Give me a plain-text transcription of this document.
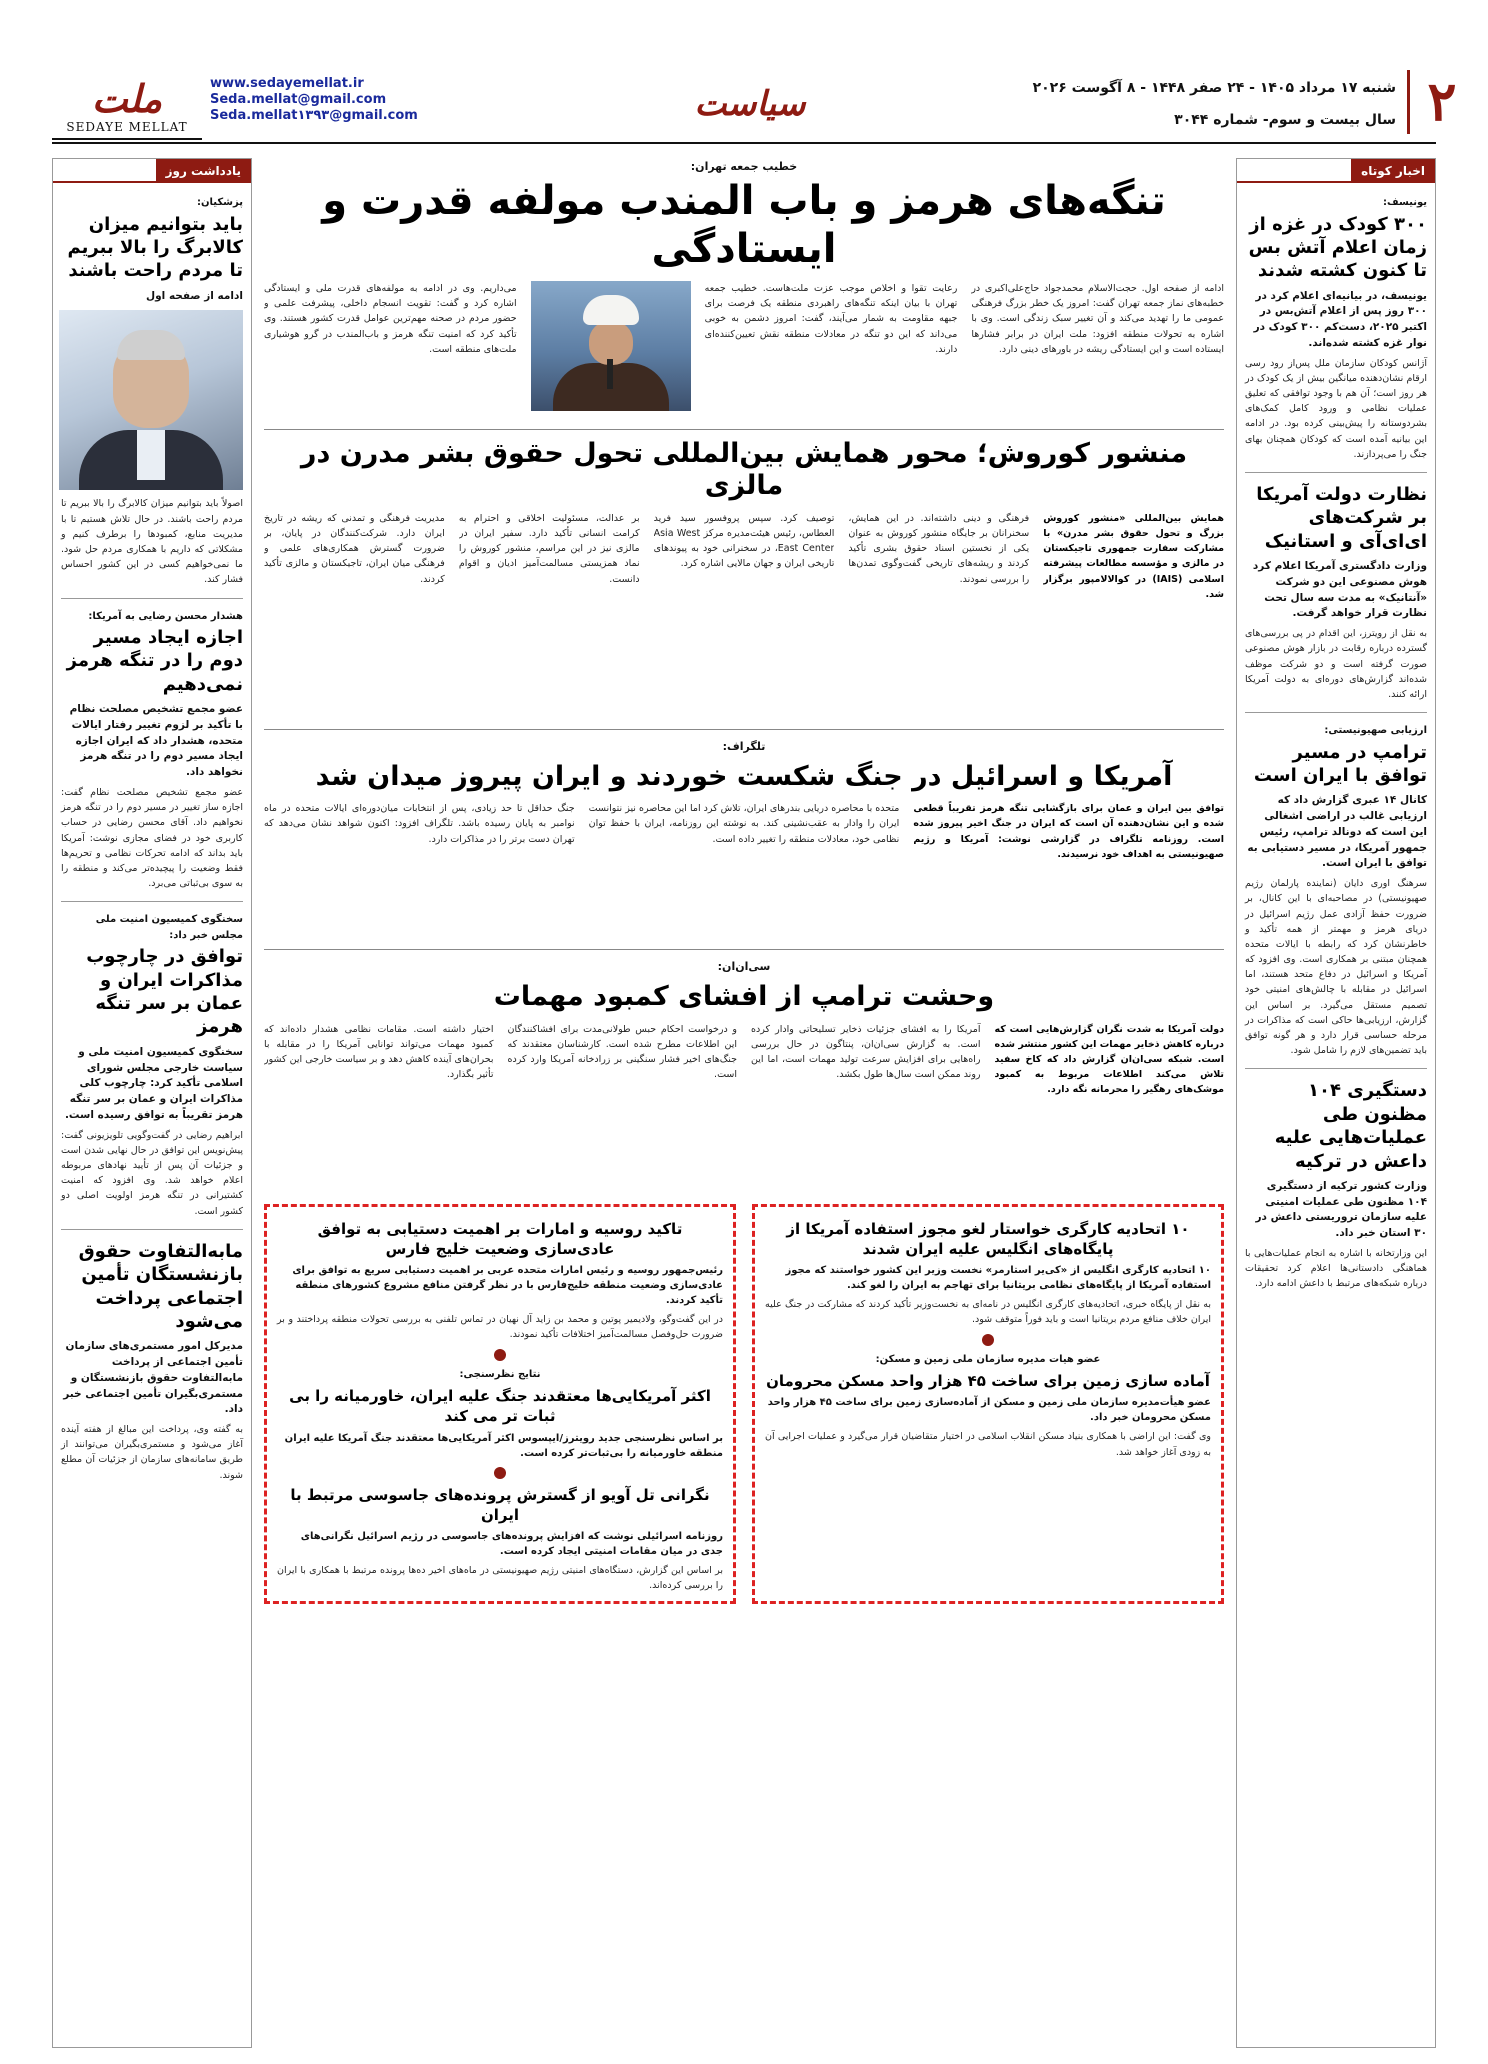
۲
شنبه ۱۷ مرداد ۱۴۰۵ - ۲۴ صفر ۱۴۴۸ - ۸ آگوست ۲۰۲۶
سال بیست و سوم- شماره ۳۰۴۴
سیاست
www.sedayemellat.ir
Seda.mellat@gmail.com
Seda.mellat۱۳۹۳@gmail.com
ملت
SEDAYE MELLAT
اخبار کوتاه
یونیسف:
۳۰۰ کودک در غزه از زمان اعلام آتش بس تا کنون کشته شدند
یونیسف، در بیانیه‌ای اعلام کرد در ۳۰۰ روز پس از اعلام آتش‌بس در اکتبر ۲۰۲۵، دست‌کم ۳۰۰ کودک در نوار غزه کشته شده‌اند.
آژانس کودکان سازمان ملل پس‌از رود رسی ارقام نشان‌دهنده میانگین بیش از یک کودک در هر روز است؛ آن هم با وجود توافقی که تعلیق عملیات نظامی و ورود کامل کمک‌های بشردوستانه را پیش‌بینی کرده بود. در ادامه این بیانیه آمده است که کودکان همچنان بهای جنگ را می‌پردازند.
نظارت دولت آمریکا بر شرکت‌های ای‌ای‌آی و استانیک
وزارت دادگستری آمریکا اعلام کرد هوش مصنوعی این دو شرکت «آنتانیک» به مدت سه سال تحت نظارت قرار خواهد گرفت.
به نقل از رویترز، این اقدام در پی بررسی‌های گسترده درباره رقابت در بازار هوش مصنوعی صورت گرفته است و دو شرکت موظف شده‌اند گزارش‌های دوره‌ای به دولت آمریکا ارائه کنند.
ارزیابی صهیونیستی:
ترامپ در مسیر توافق با ایران است
کانال ۱۴ عبری گزارش داد که ارزیابی غالب در اراضی اشغالی این است که دونالد ترامپ، رئیس جمهور آمریکا، در مسیر دستیابی به توافق با ایران است.
سرهنگ اوری دایان (نماینده پارلمان رژیم صهیونیستی) در مصاحبه‌ای با این کانال، بر ضرورت حفظ آزادی عمل رژیم اسرائیل در دریای هرمز و مهمتر از همه تأکید و خاطرنشان کرد که رابطه با ایالات متحده همچنان مبتنی بر همکاری است. وی افزود که آمریکا و اسرائیل در دفاع متحد هستند، اما اسرائیل در مقابله با چالش‌های امنیتی خود تصمیم مستقل می‌گیرد. بر اساس این گزارش، ارزیابی‌ها حاکی است که مذاکرات در مرحله حساسی قرار دارد و هر گونه توافق باید تضمین‌های لازم را شامل شود.
دستگیری ۱۰۴ مظنون طی عملیات‌هایی علیه داعش در ترکیه
وزارت کشور ترکیه از دستگیری ۱۰۴ مظنون طی عملیات امنیتی علیه سازمان تروریستی داعش در ۳۰ استان خبر داد.
این وزارتخانه با اشاره به انجام عملیات‌هایی با هماهنگی دادستانی‌ها اعلام کرد تحقیقات درباره شبکه‌های مرتبط با داعش ادامه دارد.
یادداشت روز
پزشکیان:
باید بتوانیم میزان کالابرگ را بالا ببریم تا مردم راحت باشند
ادامه از صفحه اول
اصولاً باید بتوانیم میزان کالابرگ را بالا ببریم تا مردم راحت باشند. در حال تلاش هستیم تا با مدیریت منابع، کمبودها را برطرف کنیم و مشکلاتی که داریم با همکاری مردم حل شود. ما نمی‌خواهیم کسی در این کشور احساس فشار کند.
هشدار محسن رضایی به آمریکا:
اجازه ایجاد مسیر دوم را در تنگه هرمز نمی‌دهیم
عضو مجمع تشخیص مصلحت نظام با تأکید بر لزوم تغییر رفتار ایالات متحده، هشدار داد که ایران اجازه ایجاد مسیر دوم را در تنگه هرمز نخواهد داد.
عضو مجمع تشخیص مصلحت نظام گفت: اجازه ساز تغییر در مسیر دوم را در تنگه هرمز نخواهیم داد. آقای محسن رضایی در حساب کاربری خود در فضای مجازی نوشت: آمریکا باید بداند که ادامه تحرکات نظامی و تحریم‌ها فقط وضعیت را پیچیده‌تر می‌کند و منطقه را به سوی بی‌ثباتی می‌برد.
سخنگوی کمیسیون امنیت ملی مجلس خبر داد:
توافق در چارچوب مذاکرات ایران و عمان بر سر تنگه هرمز
سخنگوی کمیسیون امنیت ملی و سیاست خارجی مجلس شورای اسلامی تأکید کرد: چارچوب کلی مذاکرات ایران و عمان بر سر تنگه هرمز تقریباً به توافق رسیده است.
ابراهیم رضایی در گفت‌وگویی تلویزیونی گفت: پیش‌نویس این توافق در حال نهایی شدن است و جزئیات آن پس از تأیید نهادهای مربوطه اعلام خواهد شد. وی افزود که امنیت کشتیرانی در تنگه هرمز اولویت اصلی دو کشور است.
مابه‌التفاوت حقوق بازنشستگان تأمین اجتماعی پرداخت می‌شود
مدیرکل امور مستمری‌های سازمان تأمین اجتماعی از پرداخت مابه‌التفاوت حقوق بازنشستگان و مستمری‌بگیران تأمین اجتماعی خبر داد.
به گفته وی، پرداخت این مبالغ از هفته آینده آغاز می‌شود و مستمری‌بگیران می‌توانند از طریق سامانه‌های سازمان از جزئیات آن مطلع شوند.
خطیب جمعه تهران:
تنگه‌های هرمز و باب المندب مولفه قدرت و ایستادگی
ادامه از صفحه اول. حجت‌الاسلام محمدجواد حاج‌علی‌اکبری در خطبه‌های نماز جمعه تهران گفت: امروز یک خطر بزرگ فرهنگی عمومی ما را تهدید می‌کند و آن تغییر سبک زندگی است. وی با اشاره به تحولات منطقه افزود: ملت ایران در برابر فشارها ایستاده است و این ایستادگی ریشه در باورهای دینی دارد.
رعایت تقوا و اخلاص موجب عزت ملت‌هاست. خطیب جمعه تهران با بیان اینکه تنگه‌های راهبردی منطقه یک فرصت برای جبهه مقاومت به شمار می‌آیند، گفت: امروز دشمن به خوبی می‌داند که این دو تنگه در معادلات منطقه نقش تعیین‌کننده‌ای دارند.
می‌داریم. وی در ادامه به مولفه‌های قدرت ملی و ایستادگی اشاره کرد و گفت: تقویت انسجام داخلی، پیشرفت علمی و حضور مردم در صحنه مهم‌ترین عوامل قدرت کشور هستند. وی تأکید کرد که امنیت تنگه هرمز و باب‌المندب در گرو هوشیاری ملت‌های منطقه است.
منشور کوروش؛ محور همایش بین‌المللی تحول حقوق بشر مدرن در مالزی
همایش بین‌المللی «منشور کوروش بزرگ و تحول حقوق بشر مدرن» با مشارکت سفارت جمهوری تاجیکستان در مالزی و مؤسسه مطالعات پیشرفته اسلامی (IAIS) در کوالالامپور برگزار شد.
فرهنگی و دینی داشته‌اند. در این همایش، سخنرانان بر جایگاه منشور کوروش به عنوان یکی از نخستین اسناد حقوق بشری تأکید کردند و ریشه‌های تاریخی گفت‌وگوی تمدن‌ها را بررسی نمودند.
توصیف کرد. سپس پروفسور سید فرید العطاس، رئیس هیئت‌مدیره مرکز Asia West East Center، در سخنرانی خود به پیوندهای تاریخی ایران و جهان مالایی اشاره کرد.
بر عدالت، مسئولیت اخلاقی و احترام به کرامت انسانی تأکید دارد. سفیر ایران در مالزی نیز در این مراسم، منشور کوروش را نماد همزیستی مسالمت‌آمیز ادیان و اقوام دانست.
مدیریت فرهنگی و تمدنی که ریشه در تاریخ ایران دارد. شرکت‌کنندگان در پایان، بر ضرورت گسترش همکاری‌های علمی و فرهنگی میان ایران، تاجیکستان و مالزی تأکید کردند.
تلگراف:
آمریکا و اسرائیل در جنگ شکست خوردند و ایران پیروز میدان شد
توافق بین ایران و عمان برای بازگشایی تنگه هرمز تقریباً قطعی شده و این نشان‌دهنده آن است که ایران در جنگ اخیر پیروز شده است. روزنامه تلگراف در گزارشی نوشت: آمریکا و رژیم صهیونیستی به اهداف خود نرسیدند.
متحده با محاصره دریایی بندرهای ایران، تلاش کرد اما این محاصره نیز نتوانست ایران را وادار به عقب‌نشینی کند. به نوشته این روزنامه، ایران با حفظ توان نظامی خود، معادلات منطقه را تغییر داده است.
جنگ حداقل تا حد زیادی، پس از انتخابات میان‌دوره‌ای ایالات متحده در ماه نوامبر به پایان رسیده باشد. تلگراف افزود: اکنون شواهد نشان می‌دهد که تهران دست برتر را در مذاکرات دارد.
سی‌ان‌ان:
وحشت ترامپ از افشای کمبود مهمات
دولت آمریکا به شدت نگران گزارش‌هایی است که درباره کاهش ذخایر مهمات این کشور منتشر شده است. شبکه سی‌ان‌ان گزارش داد که کاخ سفید تلاش می‌کند اطلاعات مربوط به کمبود موشک‌های رهگیر را محرمانه نگه دارد.
آمریکا را به افشای جزئیات ذخایر تسلیحاتی وادار کرده است. به گزارش سی‌ان‌ان، پنتاگون در حال بررسی راه‌هایی برای افزایش سرعت تولید مهمات است، اما این روند ممکن است سال‌ها طول بکشد.
و درخواست احکام حبس طولانی‌مدت برای افشاکنندگان این اطلاعات مطرح شده است. کارشناسان معتقدند که جنگ‌های اخیر فشار سنگینی بر زرادخانه آمریکا وارد کرده است.
اختیار داشته است. مقامات نظامی هشدار داده‌اند که کمبود مهمات می‌تواند توانایی آمریکا را در مقابله با بحران‌های آینده کاهش دهد و بر سیاست خارجی این کشور تأثیر بگذارد.
۱۰ اتحادیه کارگری خواستار لغو مجوز استفاده آمریکا از پایگاه‌های انگلیس علیه ایران شدند
۱۰ اتحادیه کارگری انگلیس از «کی‌یر استارمر» نخست وزیر این کشور خواستند که مجوز استفاده آمریکا از پایگاه‌های نظامی بریتانیا برای تهاجم به ایران را لغو کند.
به نقل از پایگاه خبری، اتحادیه‌های کارگری انگلیس در نامه‌ای به نخست‌وزیر تأکید کردند که مشارکت در جنگ علیه ایران خلاف منافع مردم بریتانیا است و باید فوراً متوقف شود.
عضو هیات مدیره سازمان ملی زمین و مسکن:
آماده سازی زمین برای ساخت ۴۵ هزار واحد مسکن محرومان
عضو هیأت‌مدیره سازمان ملی زمین و مسکن از آماده‌سازی زمین برای ساخت ۴۵ هزار واحد مسکن محرومان خبر داد.
وی گفت: این اراضی با همکاری بنیاد مسکن انقلاب اسلامی در اختیار متقاضیان قرار می‌گیرد و عملیات اجرایی آن به زودی آغاز خواهد شد.
تاکید روسیه و امارات بر اهمیت دستیابی به توافق عادی‌سازی وضعیت خلیج فارس
رئیس‌جمهور روسیه و رئیس امارات متحده عربی بر اهمیت دستیابی سریع به توافق برای عادی‌سازی وضعیت منطقه خلیج‌فارس با در نظر گرفتن منافع مشروع کشورهای منطقه تأکید کردند.
در این گفت‌وگو، ولادیمیر پوتین و محمد بن زاید آل نهیان در تماس تلفنی به بررسی تحولات منطقه پرداختند و بر ضرورت حل‌وفصل مسالمت‌آمیز اختلافات تأکید نمودند.
نتایج نظرسنجی:
اکثر آمریکایی‌ها معتقدند جنگ علیه ایران، خاورمیانه را بی ثبات تر می کند
بر اساس نظرسنجی جدید رویترز/ایپسوس اکثر آمریکایی‌ها معتقدند جنگ آمریکا علیه ایران منطقه خاورمیانه را بی‌ثبات‌تر کرده است.
نگرانی تل آویو از گسترش پرونده‌های جاسوسی مرتبط با ایران
روزنامه اسرائیلی نوشت که افزایش پرونده‌های جاسوسی در رژیم اسرائیل نگرانی‌های جدی در میان مقامات امنیتی ایجاد کرده است.
بر اساس این گزارش، دستگاه‌های امنیتی رژیم صهیونیستی در ماه‌های اخیر ده‌ها پرونده مرتبط با همکاری با ایران را بررسی کرده‌اند.
